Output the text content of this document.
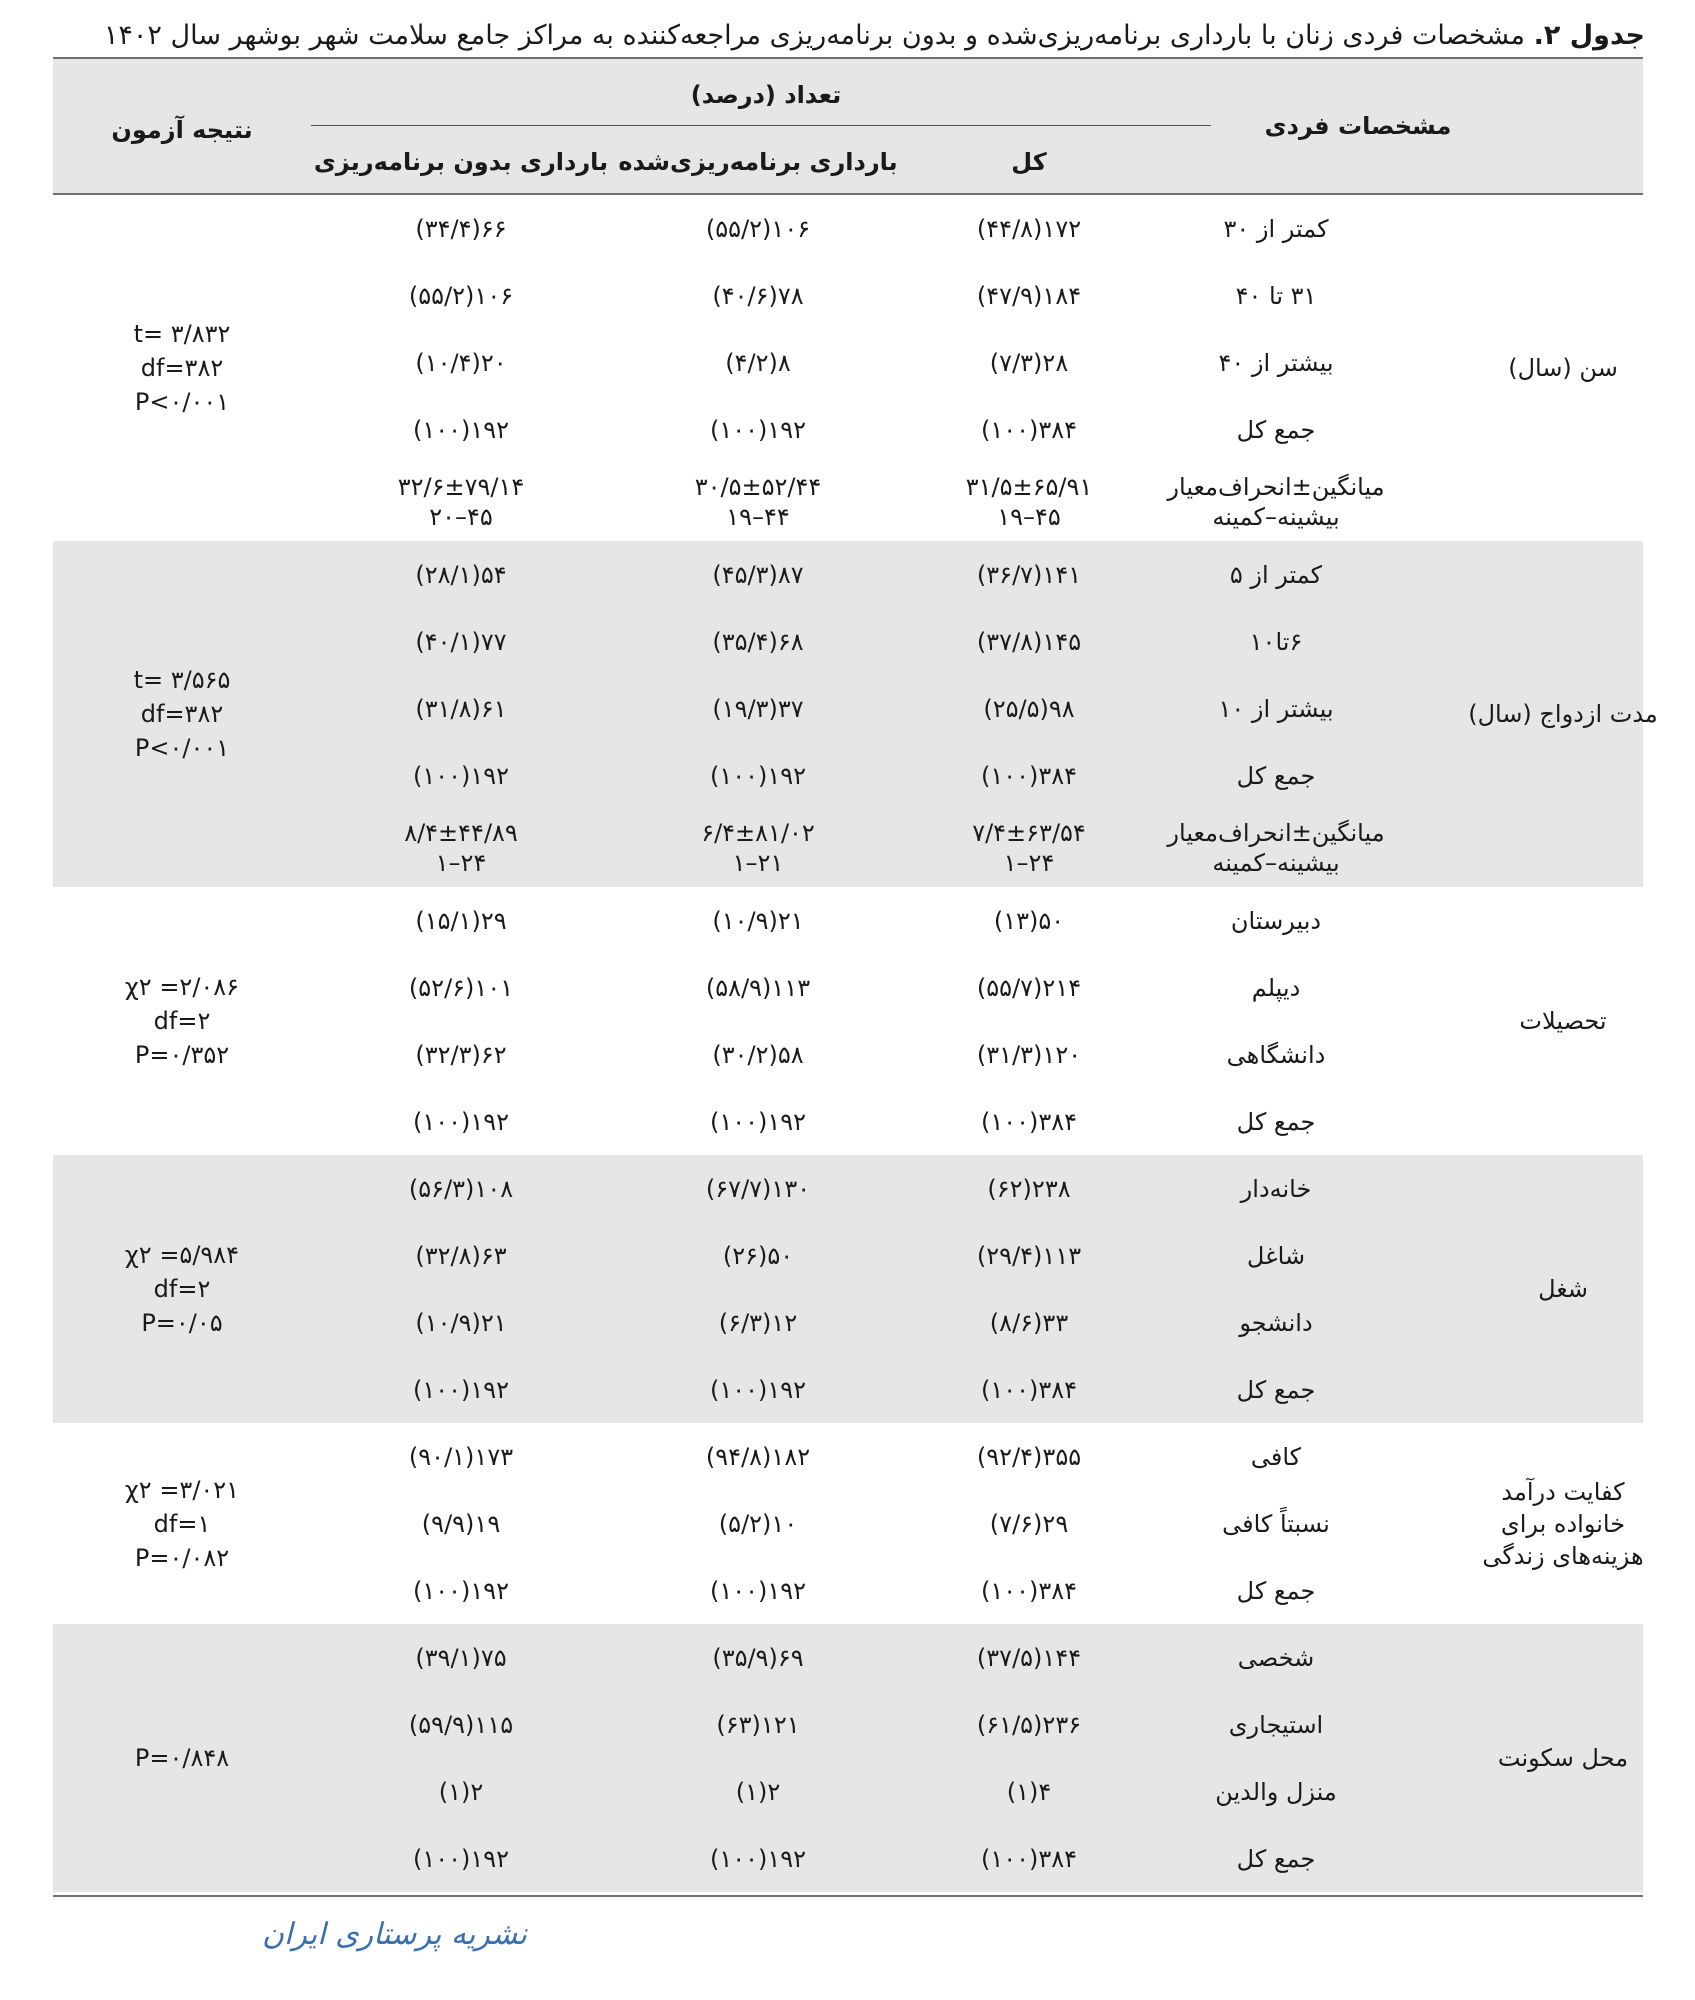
جدول ۲. مشخصات فردی زنان با بارداری برنامه‌ریزی‌شده و بدون برنامه‌ریزی مراجعه‌کننده به مراکز جامع سلامت شهر بوشهر سال ۱۴۰۲
مشخصات فردی
تعداد (درصد)
کل
بارداری برنامه‌ریزی‌شده
بارداری بدون برنامه‌ریزی
نتیجه آزمون
سن (سال)
t= ۳/۸۳۲
df=۳۸۲
P<۰/۰۰۱
کمتر از ۳۰
۱۷۲(۴۴/۸)
۱۰۶(۵۵/۲)
۶۶(۳۴/۴)
۳۱ تا ۴۰
۱۸۴(۴۷/۹)
۷۸(۴۰/۶)
۱۰۶(۵۵/۲)
بیشتر از ۴۰
۲۸(۷/۳)
۸(۴/۲)
۲۰(۱۰/۴)
جمع کل
۳۸۴(۱۰۰)
۱۹۲(۱۰۰)
۱۹۲(۱۰۰)
میانگین±انحراف‌معیار
بیشینه–کمینه
۳۱/۵±۶۵/۹۱
۴۵–۱۹
۳۰/۵±۵۲/۴۴
۴۴–۱۹
۳۲/۶±۷۹/۱۴
۴۵–۲۰
مدت ازدواج (سال)
t= ۳/۵۶۵
df=۳۸۲
P<۰/۰۰۱
کمتر از ۵
۱۴۱(۳۶/۷)
۸۷(۴۵/۳)
۵۴(۲۸/۱)
۶تا۱۰
۱۴۵(۳۷/۸)
۶۸(۳۵/۴)
۷۷(۴۰/۱)
بیشتر از ۱۰
۹۸(۲۵/۵)
۳۷(۱۹/۳)
۶۱(۳۱/۸)
جمع کل
۳۸۴(۱۰۰)
۱۹۲(۱۰۰)
۱۹۲(۱۰۰)
میانگین±انحراف‌معیار
بیشینه–کمینه
۷/۴±۶۳/۵۴
۲۴–۱
۶/۴±۸۱/۰۲
۲۱–۱
۸/۴±۴۴/۸۹
۲۴–۱
تحصیلات
χ۲ =۲/۰۸۶
df=۲
P=۰/۳۵۲
دبیرستان
۵۰(۱۳)
۲۱(۱۰/۹)
۲۹(۱۵/۱)
دیپلم
۲۱۴(۵۵/۷)
۱۱۳(۵۸/۹)
۱۰۱(۵۲/۶)
دانشگاهی
۱۲۰(۳۱/۳)
۵۸(۳۰/۲)
۶۲(۳۲/۳)
جمع کل
۳۸۴(۱۰۰)
۱۹۲(۱۰۰)
۱۹۲(۱۰۰)
شغل
χ۲ =۵/۹۸۴
df=۲
P=۰/۰۵
خانه‌دار
۲۳۸(۶۲)
۱۳۰(۶۷/۷)
۱۰۸(۵۶/۳)
شاغل
۱۱۳(۲۹/۴)
۵۰(۲۶)
۶۳(۳۲/۸)
دانشجو
۳۳(۸/۶)
۱۲(۶/۳)
۲۱(۱۰/۹)
جمع کل
۳۸۴(۱۰۰)
۱۹۲(۱۰۰)
۱۹۲(۱۰۰)
کفایت درآمد خانواده برای هزینه‌های زندگی
χ۲ =۳/۰۲۱
df=۱
P=۰/۰۸۲
کافی
۳۵۵(۹۲/۴)
۱۸۲(۹۴/۸)
۱۷۳(۹۰/۱)
نسبتاً کافی
۲۹(۷/۶)
۱۰(۵/۲)
۱۹(۹/۹)
جمع کل
۳۸۴(۱۰۰)
۱۹۲(۱۰۰)
۱۹۲(۱۰۰)
محل سکونت
P=۰/۸۴۸
شخصی
۱۴۴(۳۷/۵)
۶۹(۳۵/۹)
۷۵(۳۹/۱)
استیجاری
۲۳۶(۶۱/۵)
۱۲۱(۶۳)
۱۱۵(۵۹/۹)
منزل والدین
۴(۱)
۲(۱)
۲(۱)
جمع کل
۳۸۴(۱۰۰)
۱۹۲(۱۰۰)
۱۹۲(۱۰۰)
نشریه پرستاری ایران
